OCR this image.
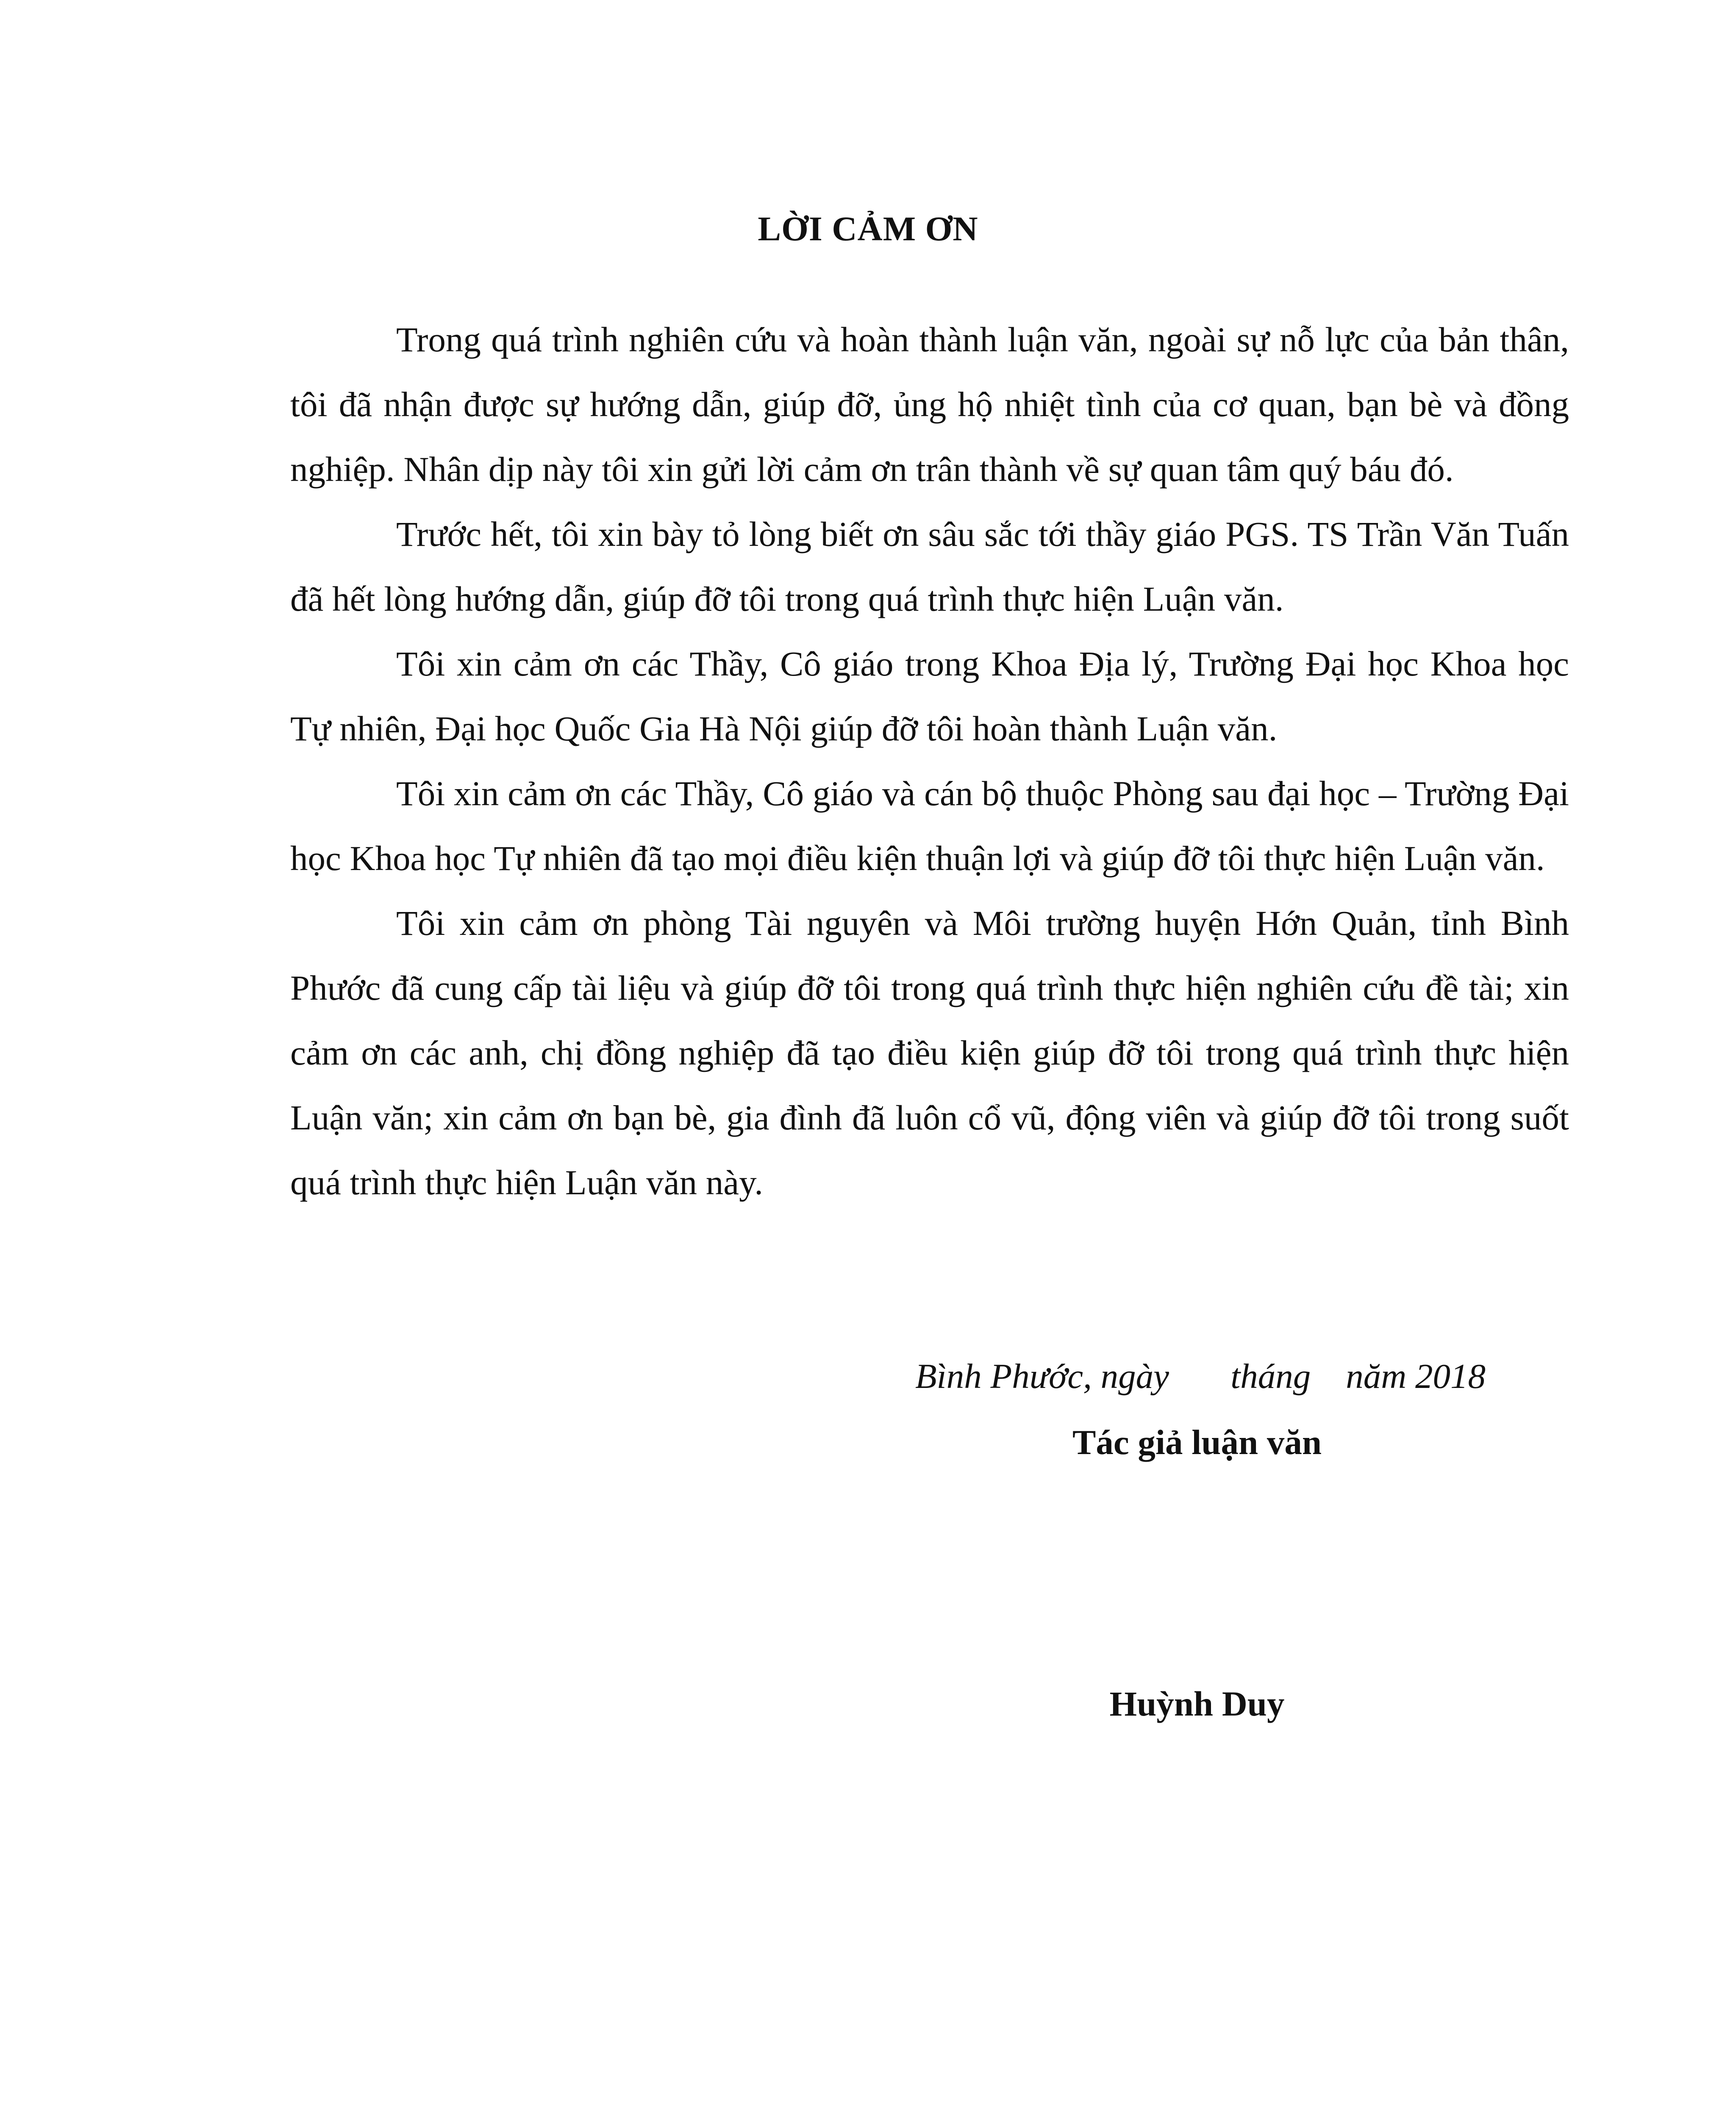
LỜI CẢM ƠN

Trong quá trình nghiên cứu và hoàn thành luận văn, ngoài sự nỗ lực của bản thân, tôi đã nhận được sự hướng dẫn, giúp đỡ, ủng hộ nhiệt tình của cơ quan, bạn bè và đồng nghiệp. Nhân dịp này tôi xin gửi lời cảm ơn trân thành về sự quan tâm quý báu đó.

Trước hết, tôi xin bày tỏ lòng biết ơn sâu sắc tới thầy giáo PGS. TS Trần Văn Tuấn đã hết lòng hướng dẫn, giúp đỡ tôi trong quá trình thực hiện Luận văn.

Tôi xin cảm ơn các Thầy, Cô giáo trong Khoa Địa lý, Trường Đại học Khoa học Tự nhiên, Đại học Quốc Gia Hà Nội giúp đỡ tôi hoàn thành Luận văn.

Tôi xin cảm ơn các Thầy, Cô giáo và cán bộ thuộc Phòng sau đại học – Trường Đại học Khoa học Tự nhiên đã tạo mọi điều kiện thuận lợi và giúp đỡ tôi thực hiện Luận văn.

Tôi xin cảm ơn phòng Tài nguyên và Môi trường huyện Hớn Quản, tỉnh Bình Phước đã cung cấp tài liệu và giúp đỡ tôi trong quá trình thực hiện nghiên cứu đề tài; xin cảm ơn các anh, chị đồng nghiệp đã tạo điều kiện giúp đỡ tôi trong quá trình thực hiện Luận văn; xin cảm ơn bạn bè, gia đình đã luôn cổ vũ, động viên và giúp đỡ tôi trong suốt quá trình thực hiện Luận văn này.

Bình Phước, ngày       tháng    năm 2018
Tác giả luận văn
Huỳnh Duy
